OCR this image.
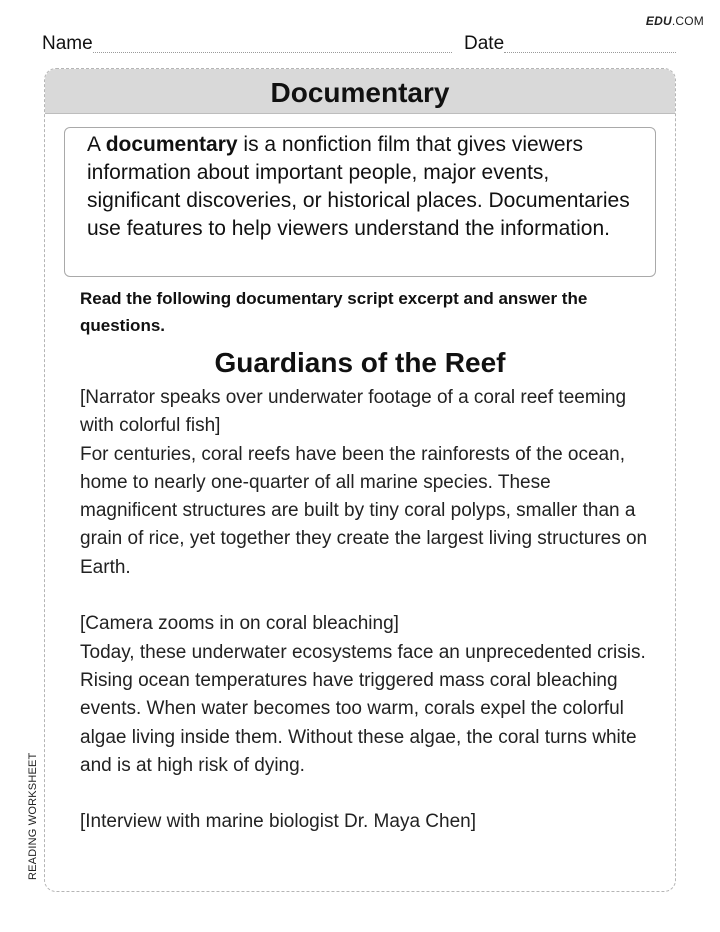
EDU.COM
Name	Date
READING WORKSHEET
Documentary
A documentary is a nonfiction film that gives viewers information about important people, major events, significant discoveries, or historical places. Documentaries use features to help viewers understand the information.
Read the following documentary script excerpt and answer the questions.
Guardians of the Reef

[Narrator speaks over underwater footage of a coral reef teeming with colorful fish]

For centuries, coral reefs have been the rainforests of the ocean, home to nearly one-quarter of all marine species. These magnificent structures are built by tiny coral polyps, smaller than a grain of rice, yet together they create the largest living structures on Earth.

[Camera zooms in on coral bleaching]

Today, these underwater ecosystems face an unprecedented crisis. Rising ocean temperatures have triggered mass coral bleaching events. When water becomes too warm, corals expel the colorful algae living inside them. Without these algae, the coral turns white and is at high risk of dying.

[Interview with marine biologist Dr. Maya Chen]
